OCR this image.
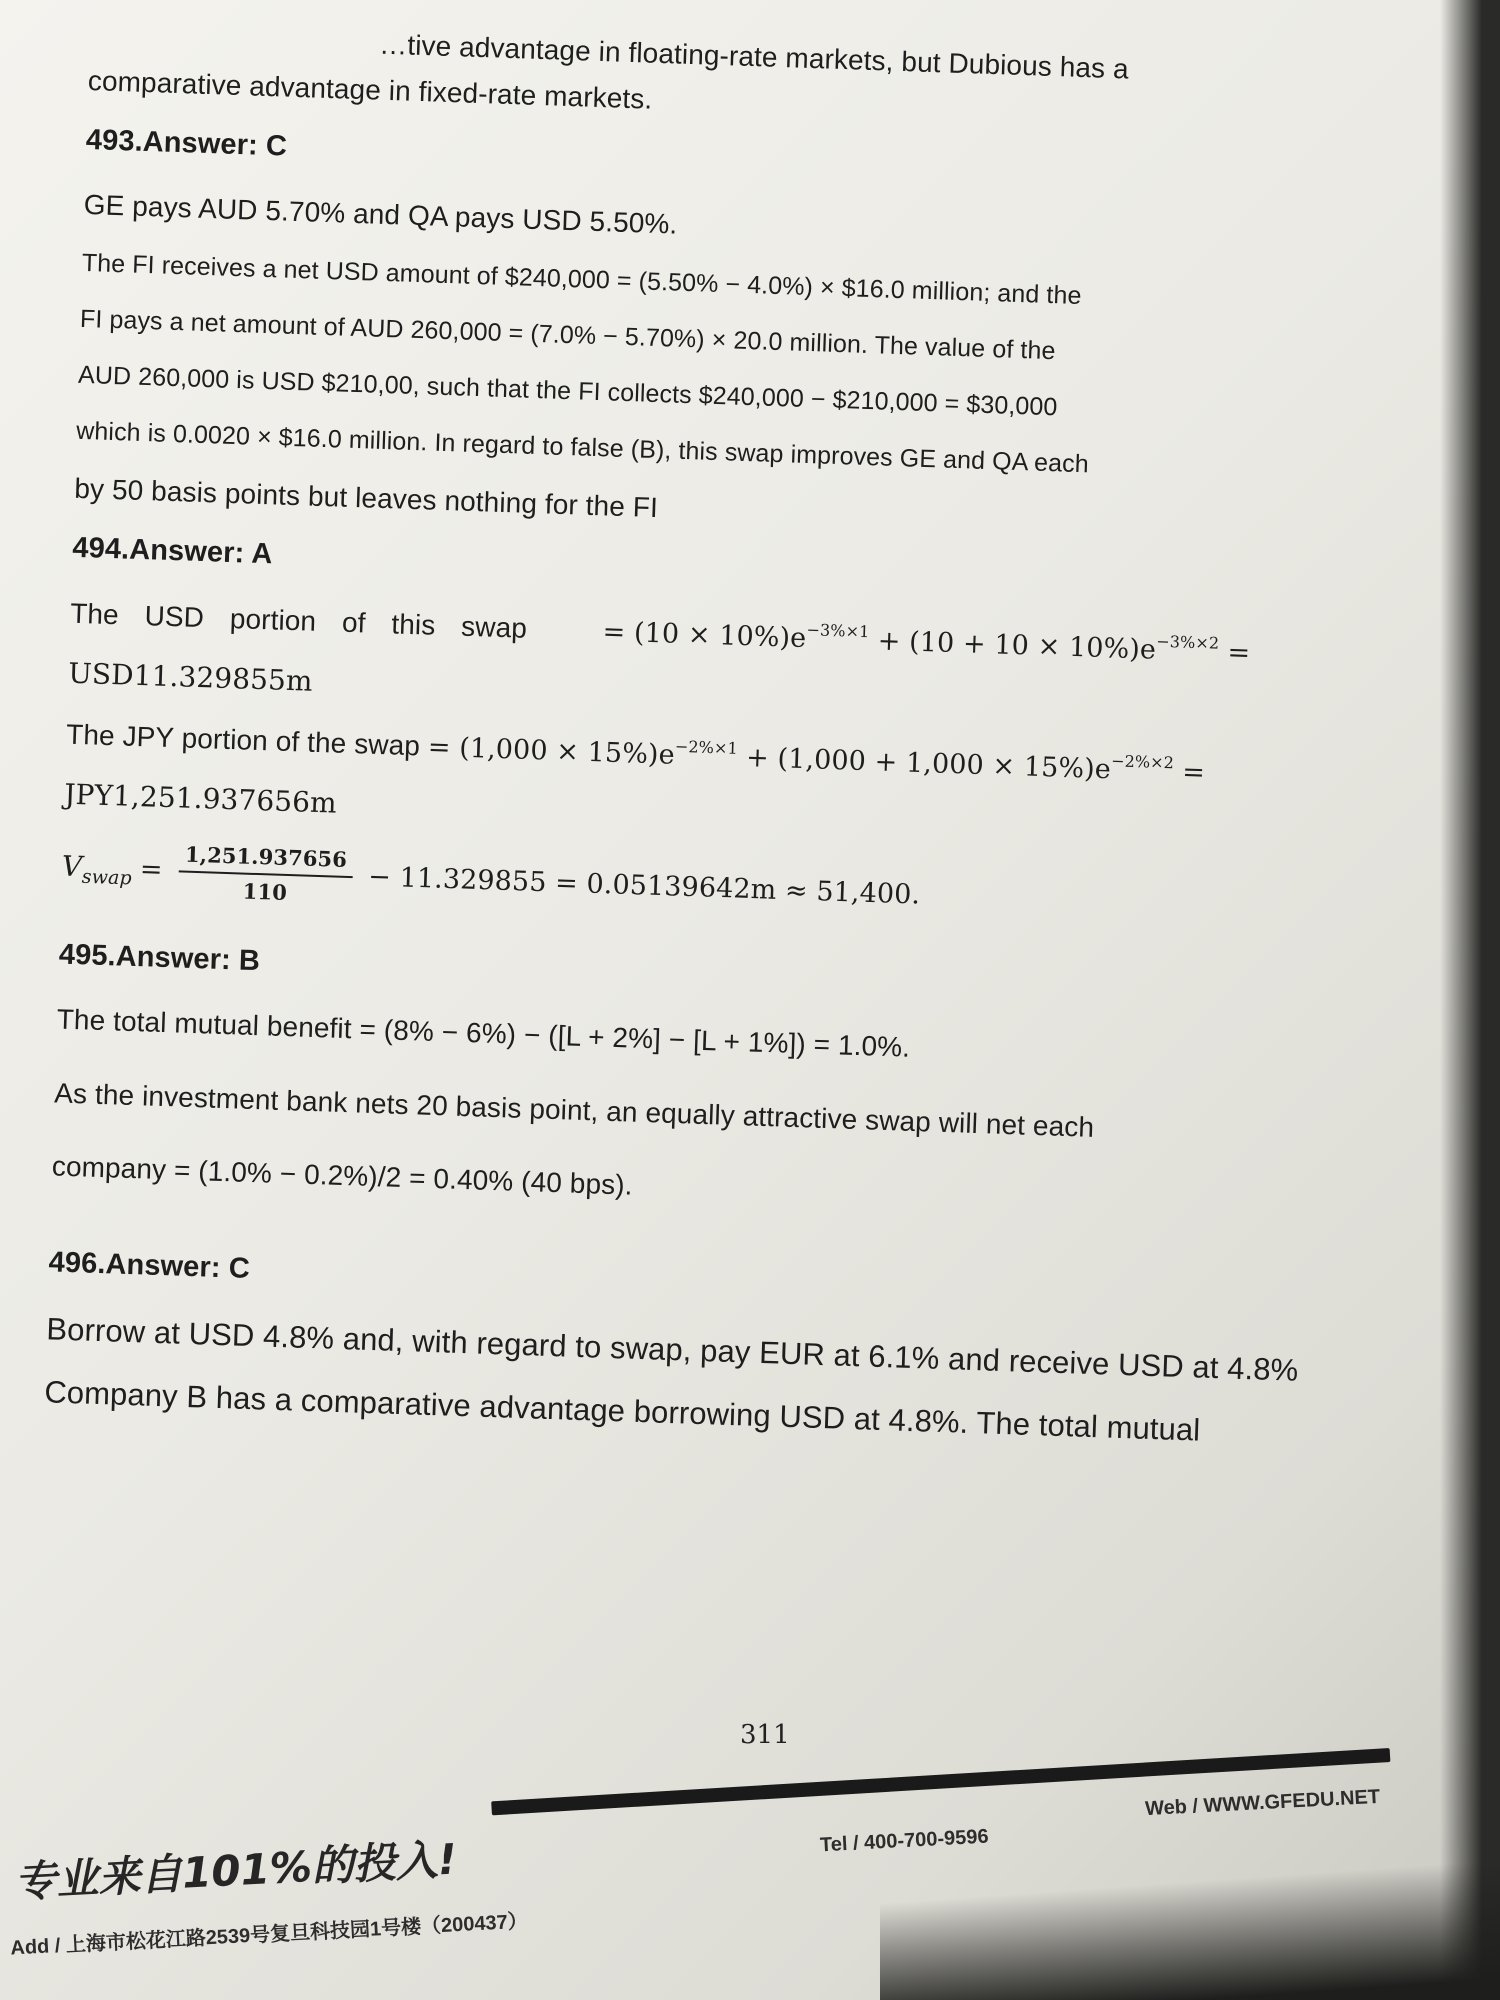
…tive advantage in floating-rate markets, but Dubious has a

comparative advantage in fixed-rate markets.

493.Answer: C

GE pays AUD 5.70% and QA pays USD 5.50%.

The FI receives a net USD amount of $240,000 = (5.50% − 4.0%) × $16.0 million; and the

FI pays a net amount of AUD 260,000 = (7.0% − 5.70%) × 20.0 million. The value of the

AUD 260,000 is USD $210,00, such that the FI collects $240,000 − $210,000 = $30,000

which is 0.0020 × $16.0 million. In regard to false (B), this swap improves GE and QA each

by 50 basis points but leaves nothing for the FI

494.Answer: A

The USD portion of this swap	= $(10 \times 10\%)e^{-3\%\times 1} + (10 + 10 \times 10\%)e^{-3\%\times 2}$ =

USD11.329855m

The JPY portion of the swap = $(1,000 \times 15\%)e^{-2\%\times 1} + (1,000 + 1,000 \times 15\%)e^{-2\%\times 2}$ =

JPY1,251.937656m

$V_{swap} = \frac{1,251.937656}{110} - 11.329855 = 0.05139642m \approx 51,400$.

495.Answer: B

The total mutual benefit = (8% − 6%) − ([L + 2%] − [L + 1%]) = 1.0%.

As the investment bank nets 20 basis point, an equally attractive swap will net each

company = (1.0% − 0.2%)/2 = 0.40% (40 bps).

496.Answer: C

Borrow at USD 4.8% and, with regard to swap, pay EUR at 6.1% and receive USD at 4.8%

Company B has a comparative advantage borrowing USD at 4.8%. The total mutual

311
Web / WWW.GFEDU.NET
Tel / 400-700-9596
专业来自101%的投入!
Add / 上海市松花江路2539号复旦科技园1号楼（200437）
